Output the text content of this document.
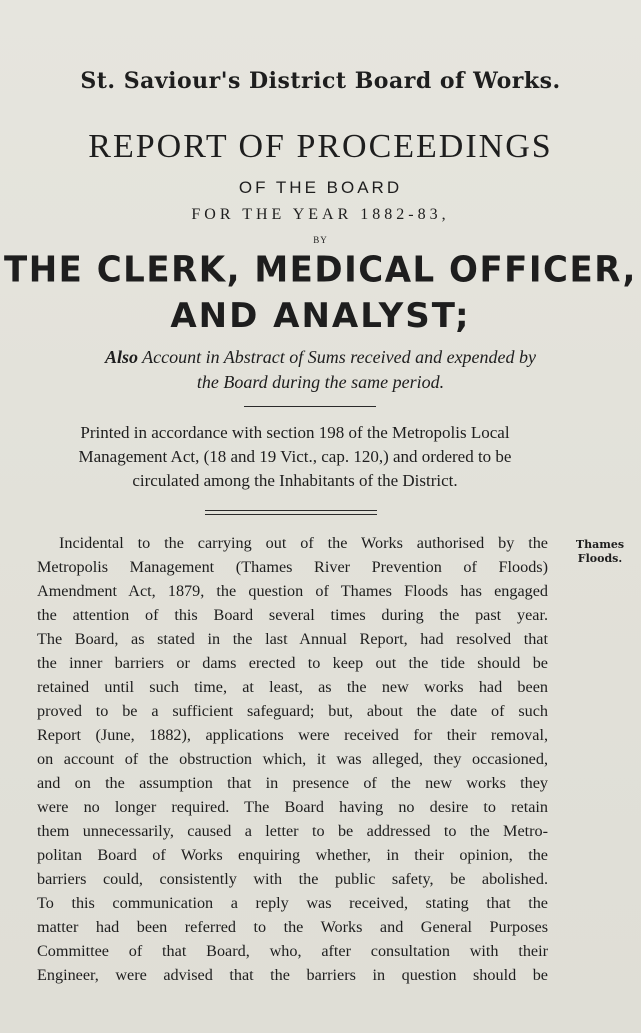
St. Saviour's District Board of Works.
REPORT OF PROCEEDINGS
OF THE BOARD
FOR THE YEAR 1882-83,
BY
THE CLERK, MEDICAL OFFICER,
AND ANALYST;
Also Account in Abstract of Sums received and expended by
the Board during the same period.
Printed in accordance with section 198 of the Metropolis Local
Management Act, (18 and 19 Vict., cap. 120,) and ordered to be
circulated among the Inhabitants of the District.
Thames
Floods.
Incidental to the carrying out of the Works authorised by the
Metropolis Management (Thames River Prevention of Floods)
Amendment Act, 1879, the question of Thames Floods has engaged
the attention of this Board several times during the past year.
The Board, as stated in the last Annual Report, had resolved that
the inner barriers or dams erected to keep out the tide should be
retained until such time, at least, as the new works had been
proved to be a sufficient safeguard; but, about the date of such
Report (June, 1882), applications were received for their removal,
on account of the obstruction which, it was alleged, they occasioned,
and on the assumption that in presence of the new works they
were no longer required. The Board having no desire to retain
them unnecessarily, caused a letter to be addressed to the Metro-
politan Board of Works enquiring whether, in their opinion, the
barriers could, consistently with the public safety, be abolished.
To this communication a reply was received, stating that the
matter had been referred to the Works and General Purposes
Committee of that Board, who, after consultation with their
Engineer, were advised that the barriers in question should be
